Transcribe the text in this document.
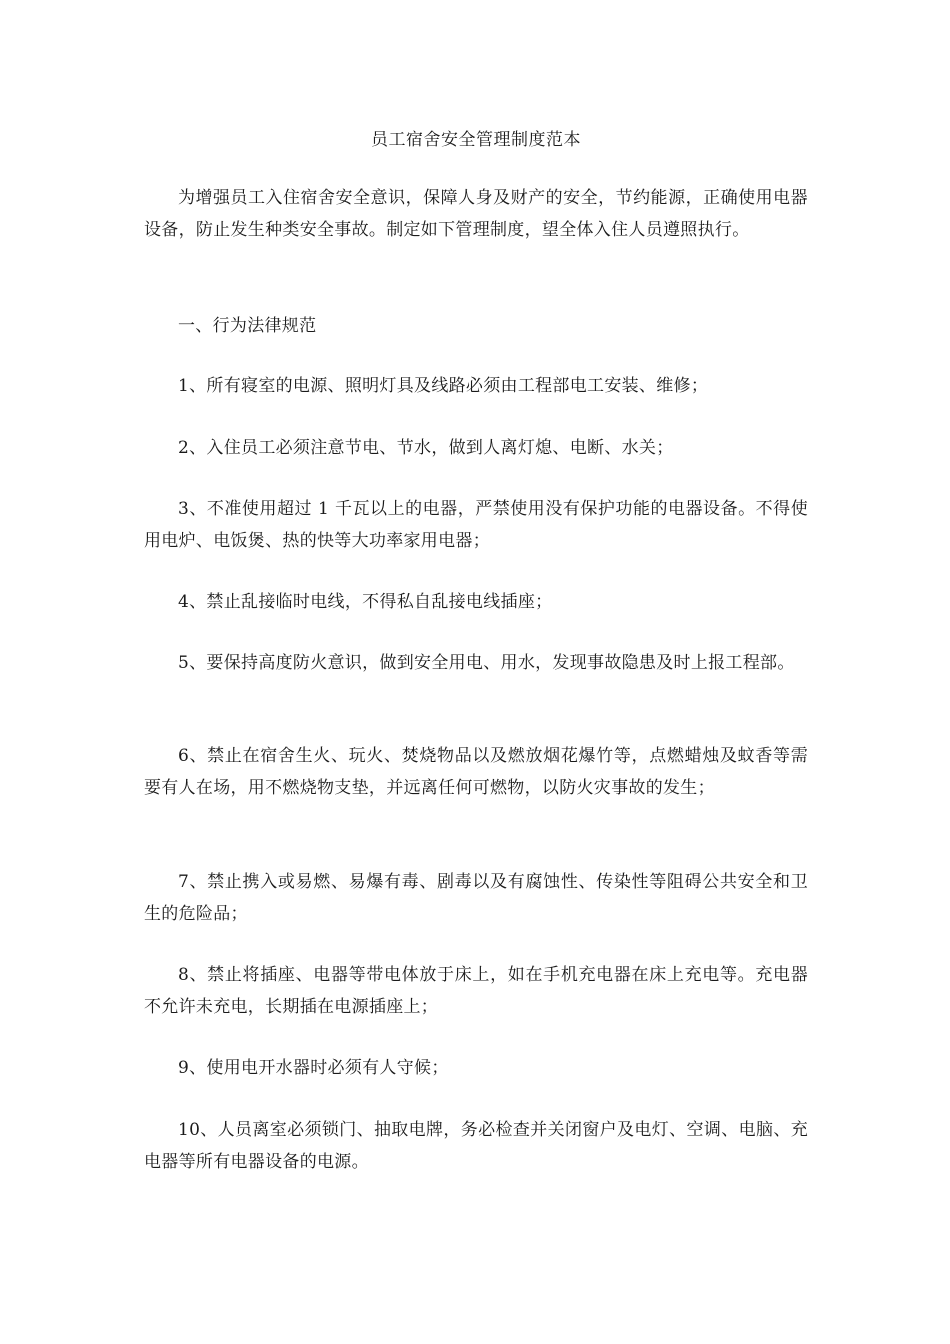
员工宿舍安全管理制度范本

为增强员工入住宿舍安全意识，保障人身及财产的安全，节约能源，正确使用电器设备，防止发生种类安全事故。制定如下管理制度，望全体入住人员遵照执行。

一、行为法律规范

1、所有寝室的电源、照明灯具及线路必须由工程部电工安装、维修；

2、入住员工必须注意节电、节水，做到人离灯熄、电断、水关；

3、不准使用超过 1 千瓦以上的电器，严禁使用没有保护功能的电器设备。不得使用电炉、电饭煲、热的快等大功率家用电器；

4、禁止乱接临时电线，不得私自乱接电线插座；

5、要保持高度防火意识，做到安全用电、用水，发现事故隐患及时上报工程部。

6、禁止在宿舍生火、玩火、焚烧物品以及燃放烟花爆竹等，点燃蜡烛及蚊香等需要有人在场，用不燃烧物支垫，并远离任何可燃物，以防火灾事故的发生；

7、禁止携入或易燃、易爆有毒、剧毒以及有腐蚀性、传染性等阻碍公共安全和卫生的危险品；

8、禁止将插座、电器等带电体放于床上，如在手机充电器在床上充电等。充电器不允许未充电，长期插在电源插座上；

9、使用电开水器时必须有人守候；

10、人员离室必须锁门、抽取电牌，务必检查并关闭窗户及电灯、空调、电脑、充电器等所有电器设备的电源。
